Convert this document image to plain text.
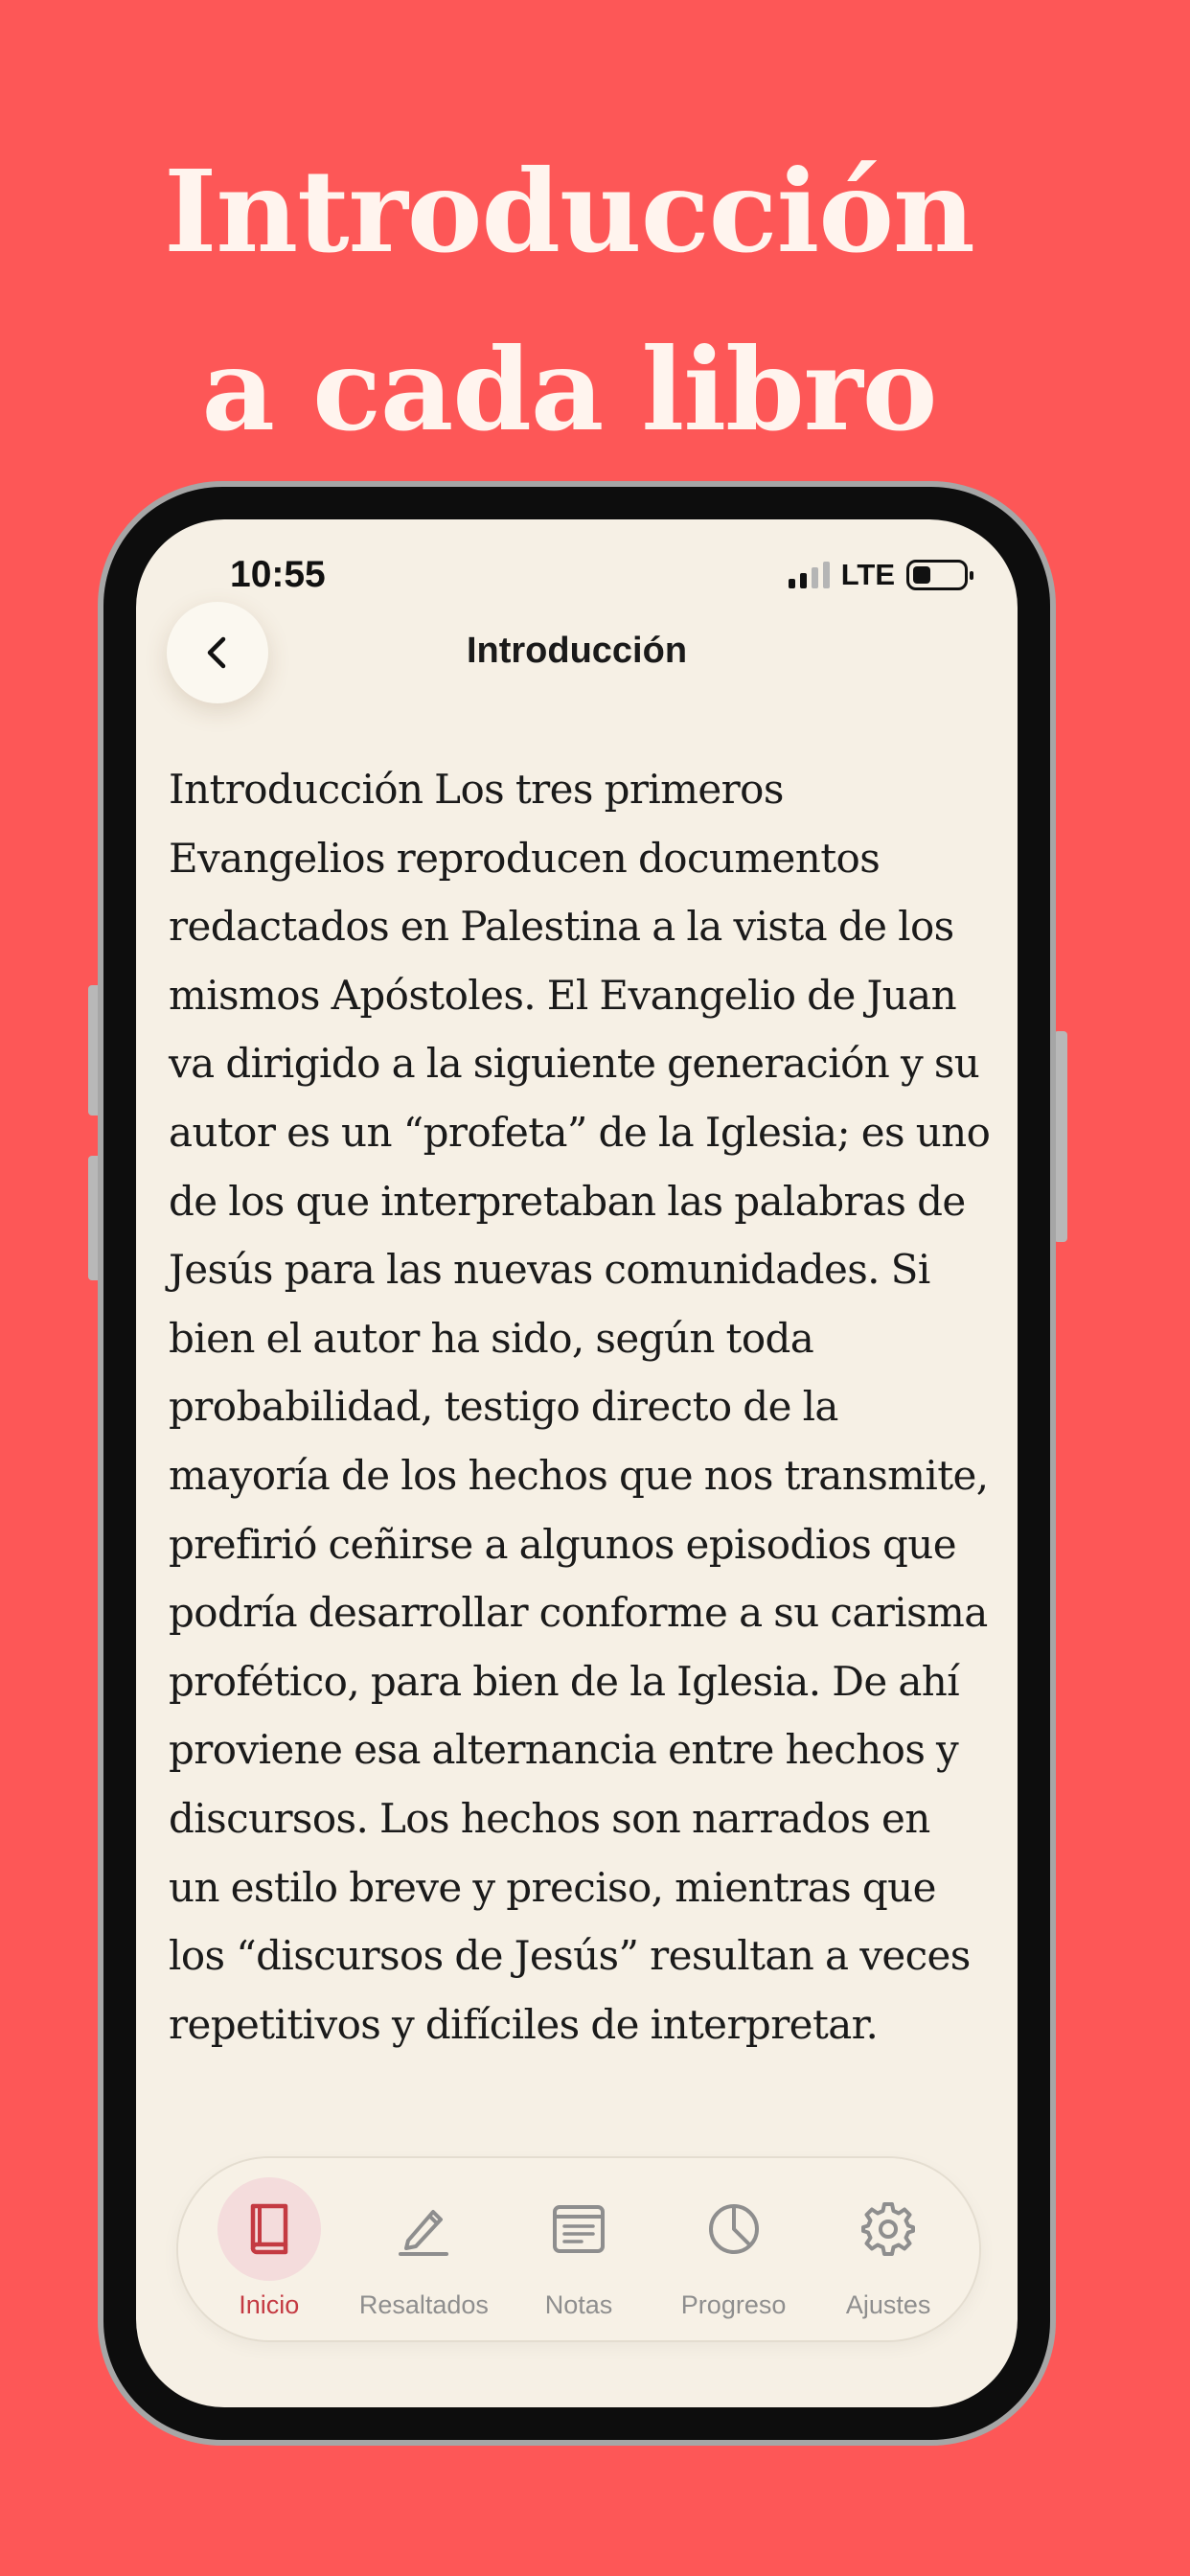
Introducción
a cada libro
10:55	LTE
Introducción
Introducción Los tres primeros Evangelios reproducen documentos redactados en Palestina a la vista de los mismos Apóstoles. El Evangelio de Juan va dirigido a la siguiente generación y su autor es un “profeta” de la Iglesia; es uno de los que interpretaban las palabras de Jesús para las nuevas comunidades. Si bien el autor ha sido, según toda probabilidad, testigo directo de la mayoría de los hechos que nos transmite, prefirió ceñirse a algunos episodios que podría desarrollar conforme a su carisma profético, para bien de la Iglesia. De ahí proviene esa alternancia entre hechos y discursos. Los hechos son narrados en un estilo breve y preciso, mientras que los “discursos de Jesús” resultan a veces repetitivos y difíciles de interpretar.
Inicio Resaltados Notas	Progreso Ajustes
